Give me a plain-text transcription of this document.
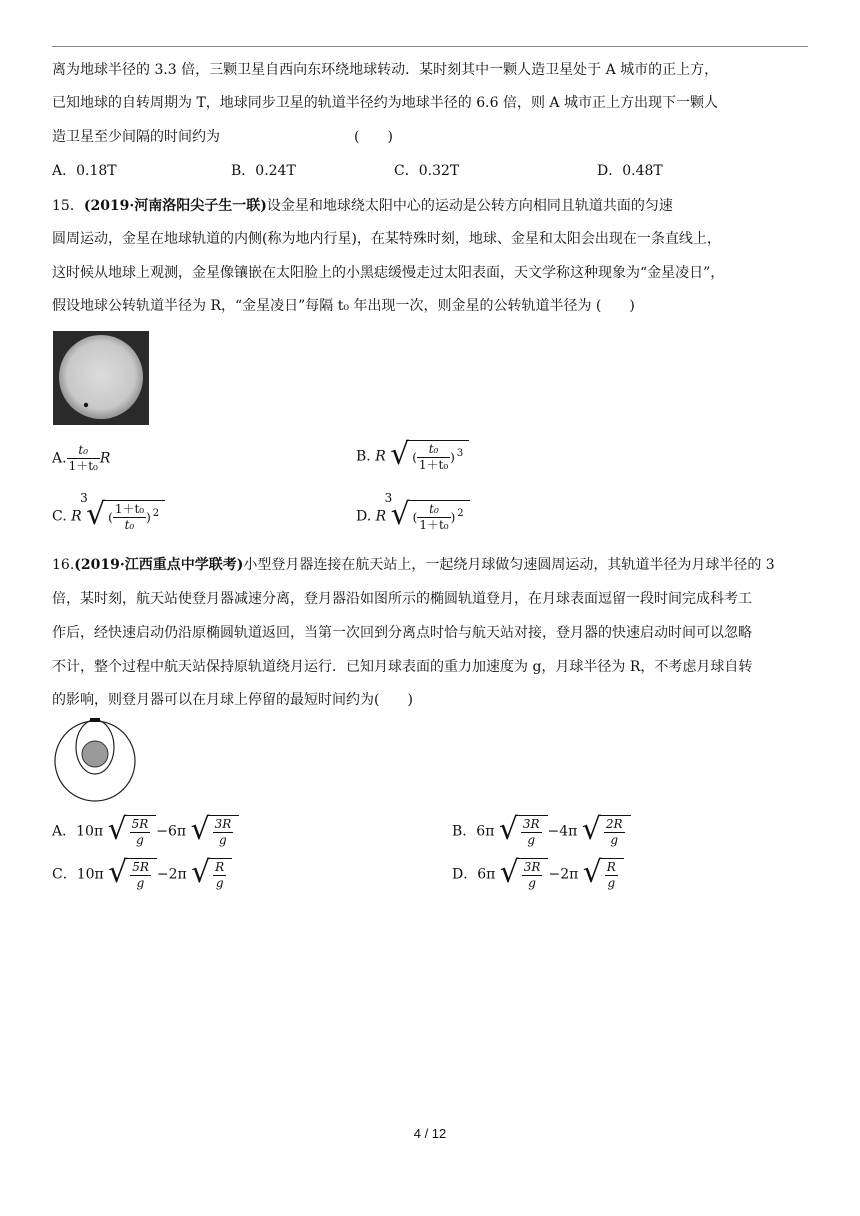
离为地球半径的 3.3 倍，三颗卫星自西向东环绕地球转动．某时刻其中一颗人造卫星处于 A 城市的正上方，
已知地球的自转周期为 T，地球同步卫星的轨道半径约为地球半径的 6.6 倍，则 A 城市正上方出现下一颗人
造卫星至少间隔的时间约为	(　　)
A．0.18T	B．0.24T	C．0.32T	D．0.48T
15．(2019·河南洛阳尖子生一联)设金星和地球绕太阳中心的运动是公转方向相同且轨道共面的匀速
圆周运动，金星在地球轨道的内侧(称为地内行星)，在某特殊时刻，地球、金星和太阳会出现在一条直线上，
这时候从地球上观测，金星像镶嵌在太阳脸上的小黑痣缓慢走过太阳表面，天文学称这种现象为“金星凌日”，
假设地球公转轨道半径为 R，“金星凌日”每隔 t₀ 年出现一次，则金星的公转轨道半径为 (　　)
A. $\frac{\text{t₀}}{\text{1＋t₀}}$ R	B. R √ ( $\frac{\text{t₀}}{\text{1＋t₀}}$ ) $^3$
C. R
3
√ ( $\frac{\text{1＋t₀}}{\text{t₀}}$ ) $^2$	D. R
3
√ ( $\frac{\text{t₀}}{\text{1＋t₀}}$ ) $^2$
16.(2019·江西重点中学联考)小型登月器连接在航天站上，一起绕月球做匀速圆周运动，其轨道半径为月球半径的 3
倍，某时刻，航天站使登月器减速分离，登月器沿如图所示的椭圆轨道登月，在月球表面逗留一段时间完成科考工
作后，经快速启动仍沿原椭圆轨道返回，当第一次回到分离点时恰与航天站对接，登月器的快速启动时间可以忽略
不计，整个过程中航天站保持原轨道绕月运行．已知月球表面的重力加速度为 g，月球半径为 R，不考虑月球自转
的影响，则登月器可以在月球上停留的最短时间约为(　　)
A．10π √ $\frac{5R}{g} -6\pi$ √ $\frac{3R}{g}$	B．6π √ $\frac{3R}{g} -4\pi$ √ $\frac{2R}{g}$
C．10π √ $\frac{5R}{g} -2\pi$ √ $\frac{R}{g}$	D．6π √ $\frac{3R}{g} -2\pi$ √ $\frac{R}{g}$
4 / 12
